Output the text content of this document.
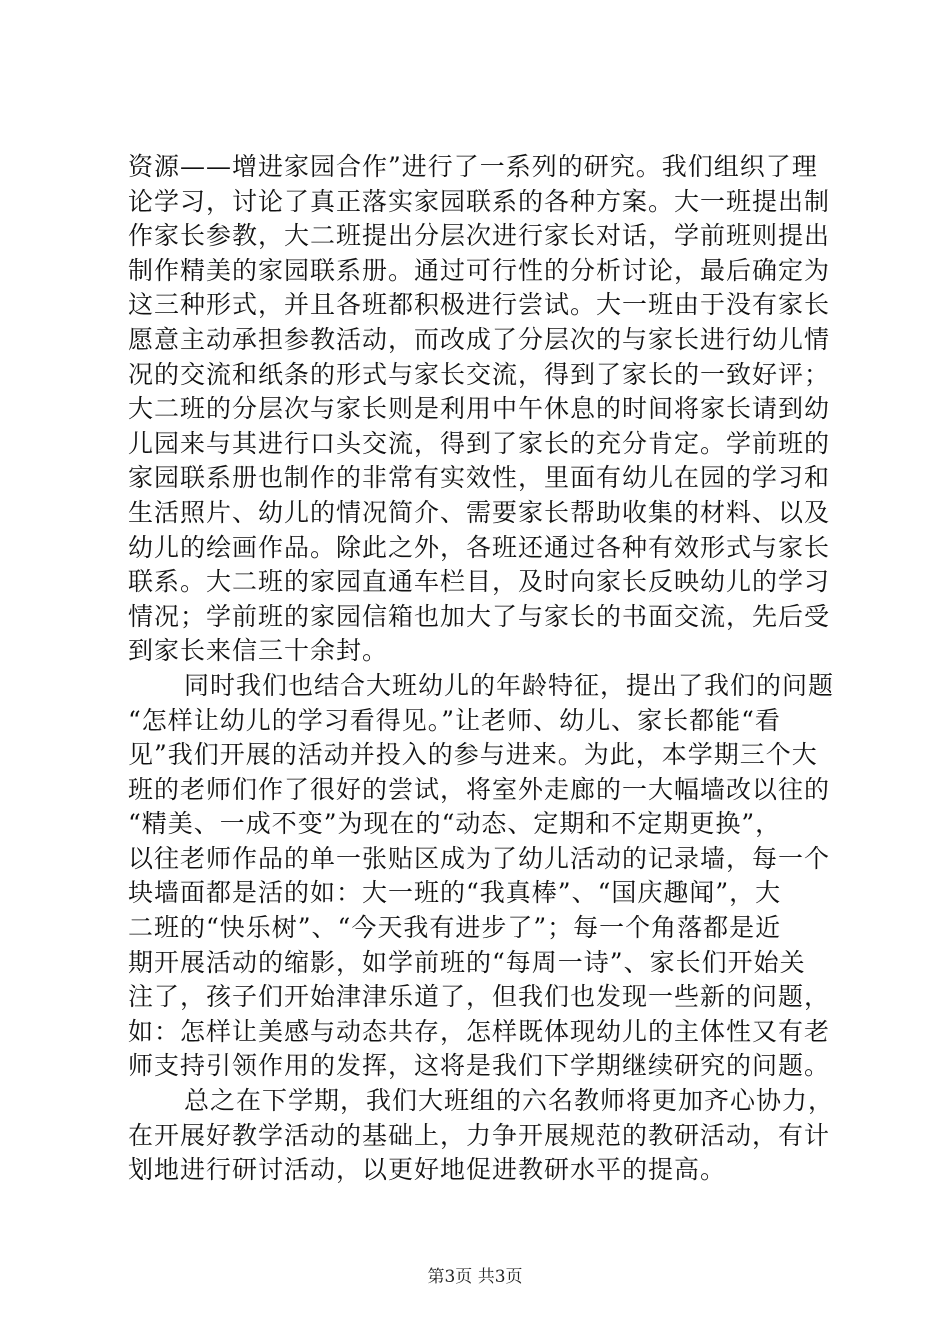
资源——增进家园合作”进行了一系列的研究。我们组织了理
论学习，讨论了真正落实家园联系的各种方案。大一班提出制
作家长参教，大二班提出分层次进行家长对话，学前班则提出
制作精美的家园联系册。通过可行性的分析讨论，最后确定为
这三种形式，并且各班都积极进行尝试。大一班由于没有家长
愿意主动承担参教活动，而改成了分层次的与家长进行幼儿情
况的交流和纸条的形式与家长交流，得到了家长的一致好评；
大二班的分层次与家长则是利用中午休息的时间将家长请到幼
儿园来与其进行口头交流，得到了家长的充分肯定。学前班的
家园联系册也制作的非常有实效性，里面有幼儿在园的学习和
生活照片、幼儿的情况简介、需要家长帮助收集的材料、以及
幼儿的绘画作品。除此之外，各班还通过各种有效形式与家长
联系。大二班的家园直通车栏目，及时向家长反映幼儿的学习
情况；学前班的家园信箱也加大了与家长的书面交流，先后受
到家长来信三十余封。
同时我们也结合大班幼儿的年龄特征，提出了我们的问题
“怎样让幼儿的学习看得见。”让老师、幼儿、家长都能“看
见”我们开展的活动并投入的参与进来。为此，本学期三个大
班的老师们作了很好的尝试，将室外走廊的一大幅墙改以往的
“精美、一成不变”为现在的“动态、定期和不定期更换”，
以往老师作品的单一张贴区成为了幼儿活动的记录墙，每一个
块墙面都是活的如：大一班的“我真棒”、“国庆趣闻”，大
二班的“快乐树”、“今天我有进步了”；每一个角落都是近
期开展活动的缩影，如学前班的“每周一诗”、家长们开始关
注了，孩子们开始津津乐道了，但我们也发现一些新的问题，
如：怎样让美感与动态共存，怎样既体现幼儿的主体性又有老
师支持引领作用的发挥，这将是我们下学期继续研究的问题。
总之在下学期，我们大班组的六名教师将更加齐心协力，
在开展好教学活动的基础上，力争开展规范的教研活动，有计
划地进行研讨活动，以更好地促进教研水平的提高。
第3页 共3页
